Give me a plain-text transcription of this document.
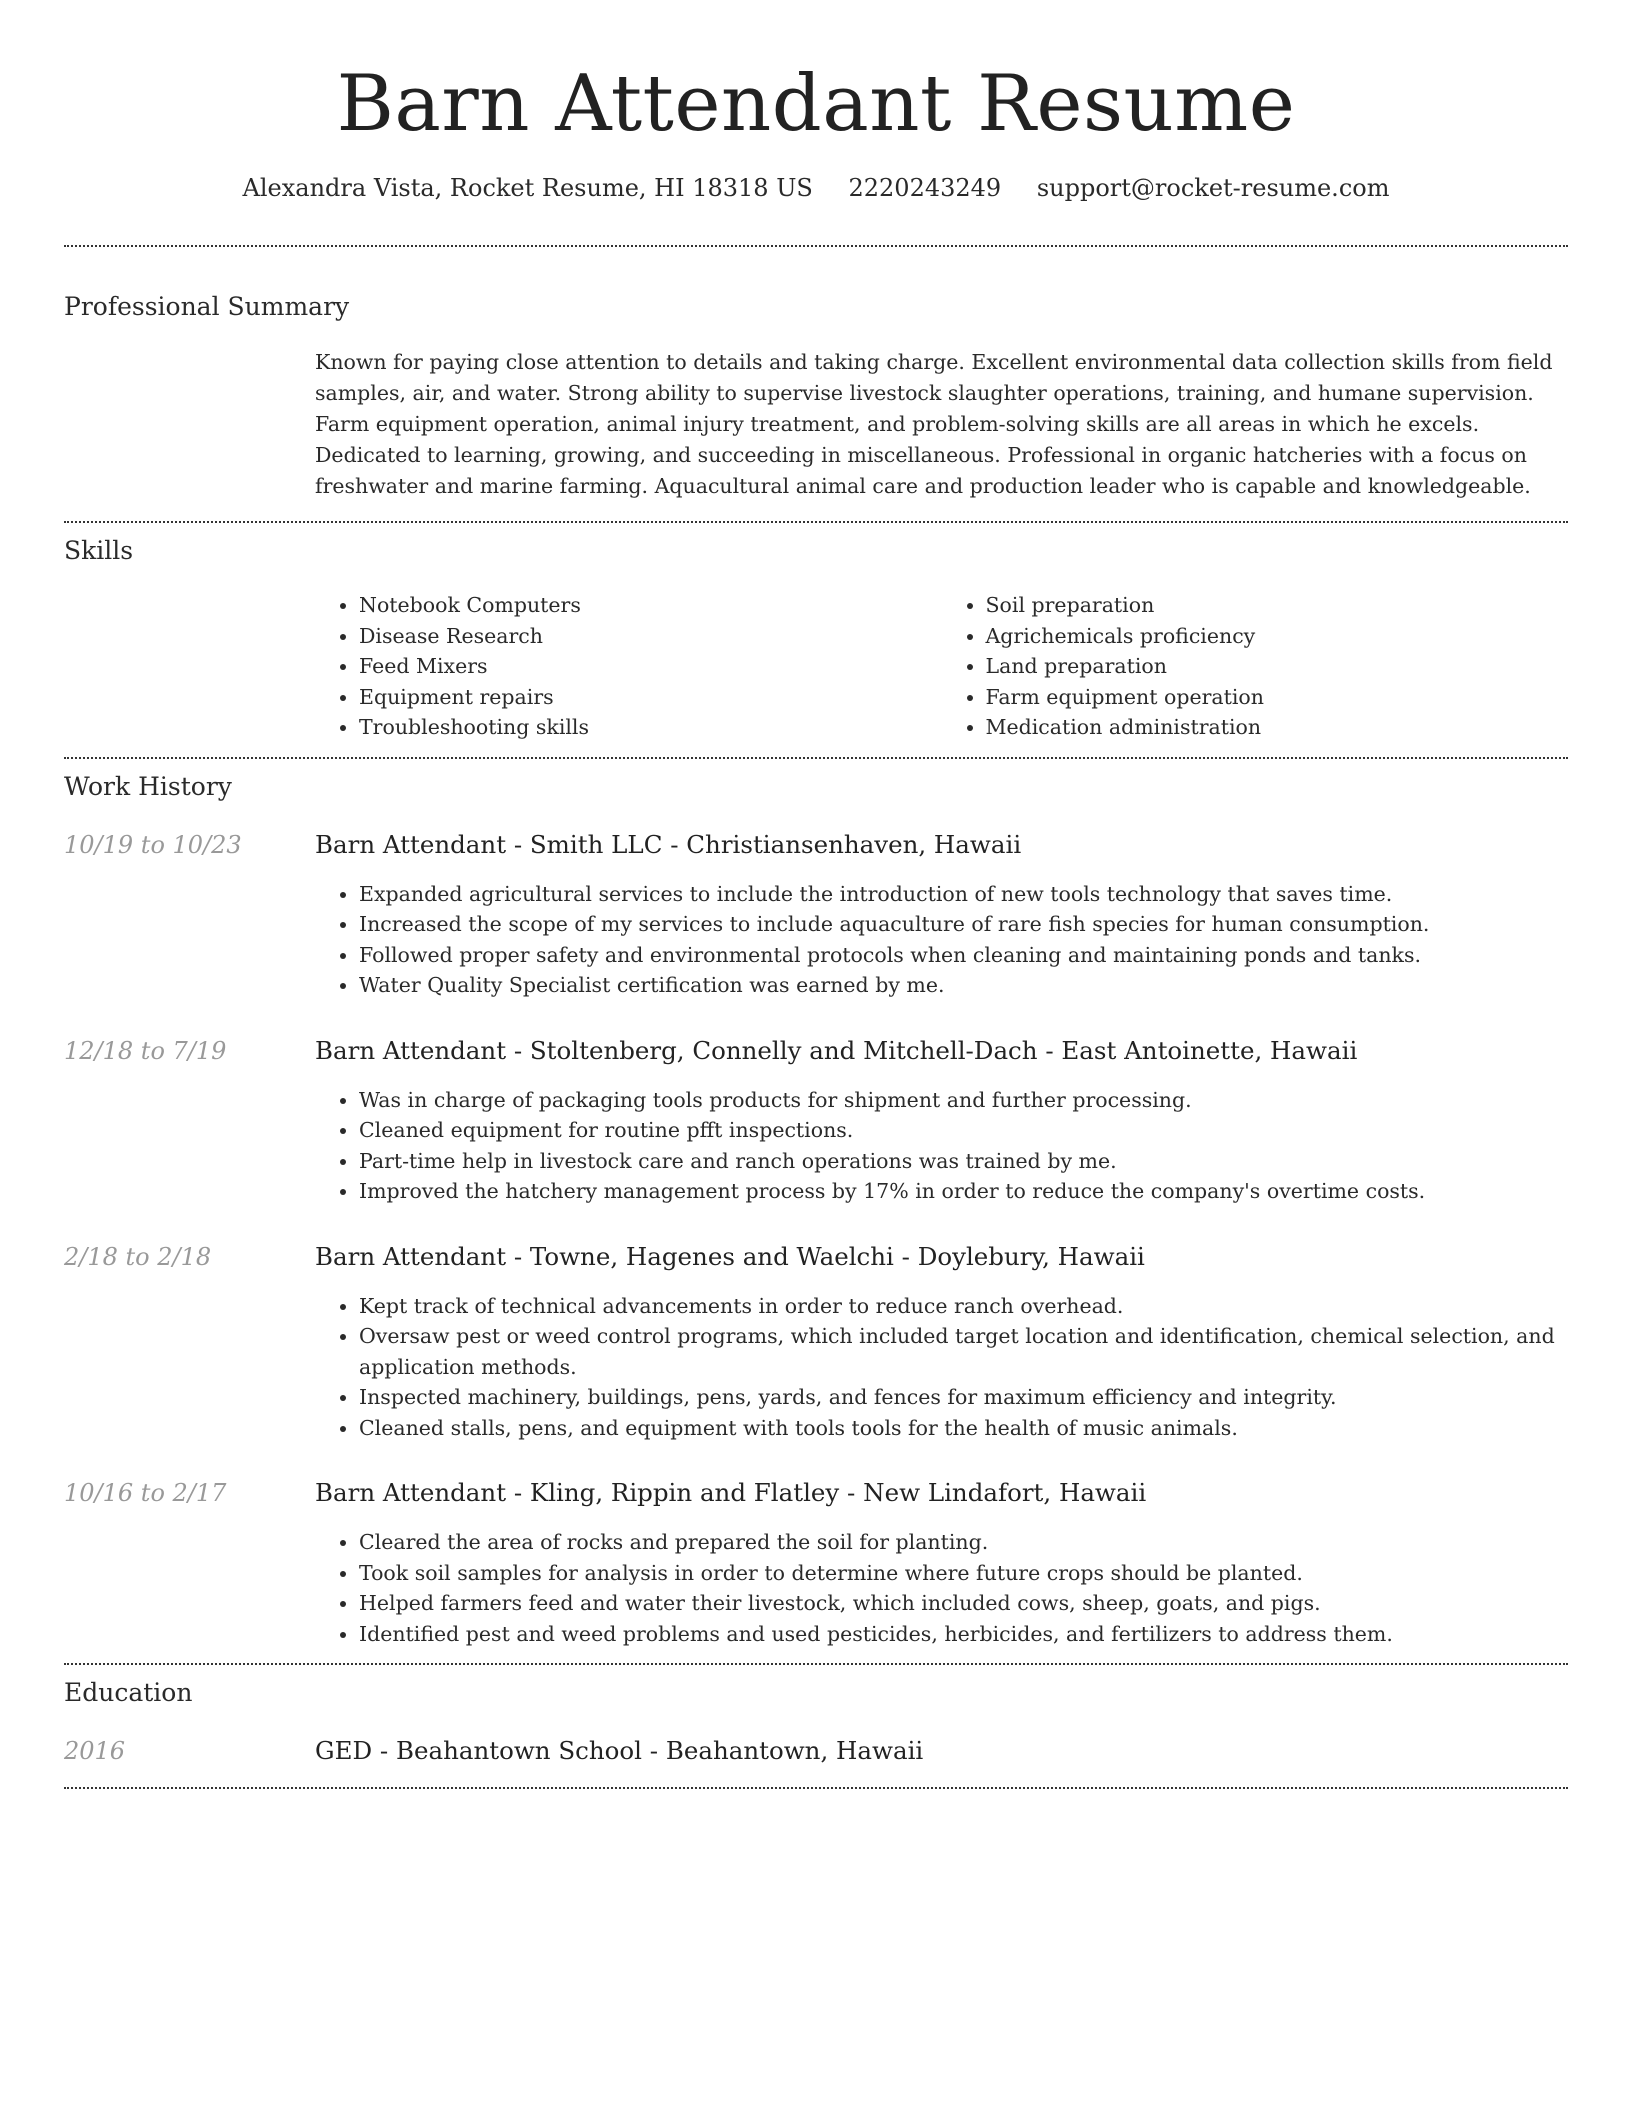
Barn Attendant Resume
Alexandra Vista, Rocket Resume, HI 18318 US 2220243249 support@rocket-resume.com
Professional Summary
Known for paying close attention to details and taking charge. Excellent environmental data collection skills from field samples, air, and water. Strong ability to supervise livestock slaughter operations, training, and humane supervision. Farm equipment operation, animal injury treatment, and problem-solving skills are all areas in which he excels. Dedicated to learning, growing, and succeeding in miscellaneous. Professional in organic hatcheries with a focus on freshwater and marine farming. Aquacultural animal care and production leader who is capable and knowledgeable.
Skills
• Notebook Computers
• Disease Research
• Feed Mixers
• Equipment repairs
• Troubleshooting skills
• Soil preparation
• Agrichemicals proficiency
• Land preparation
• Farm equipment operation
• Medication administration
Work History
10/19 to 10/23	Barn Attendant - Smith LLC - Christiansenhaven, Hawaii
• Expanded agricultural services to include the introduction of new tools technology that saves time.
• Increased the scope of my services to include aquaculture of rare fish species for human consumption.
• Followed proper safety and environmental protocols when cleaning and maintaining ponds and tanks.
• Water Quality Specialist certification was earned by me.
12/18 to 7/19	Barn Attendant - Stoltenberg, Connelly and Mitchell-Dach - East Antoinette, Hawaii
• Was in charge of packaging tools products for shipment and further processing.
• Cleaned equipment for routine pfft inspections.
• Part-time help in livestock care and ranch operations was trained by me.
• Improved the hatchery management process by 17% in order to reduce the company's overtime costs.
2/18 to 2/18	Barn Attendant - Towne, Hagenes and Waelchi - Doylebury, Hawaii
• Kept track of technical advancements in order to reduce ranch overhead.
• Oversaw pest or weed control programs, which included target location and identification, chemical selection, and application methods.
• Inspected machinery, buildings, pens, yards, and fences for maximum efficiency and integrity.
• Cleaned stalls, pens, and equipment with tools tools for the health of music animals.
10/16 to 2/17	Barn Attendant - Kling, Rippin and Flatley - New Lindafort, Hawaii
• Cleared the area of rocks and prepared the soil for planting.
• Took soil samples for analysis in order to determine where future crops should be planted.
• Helped farmers feed and water their livestock, which included cows, sheep, goats, and pigs.
• Identified pest and weed problems and used pesticides, herbicides, and fertilizers to address them.
Education
2016	GED - Beahantown School - Beahantown, Hawaii
